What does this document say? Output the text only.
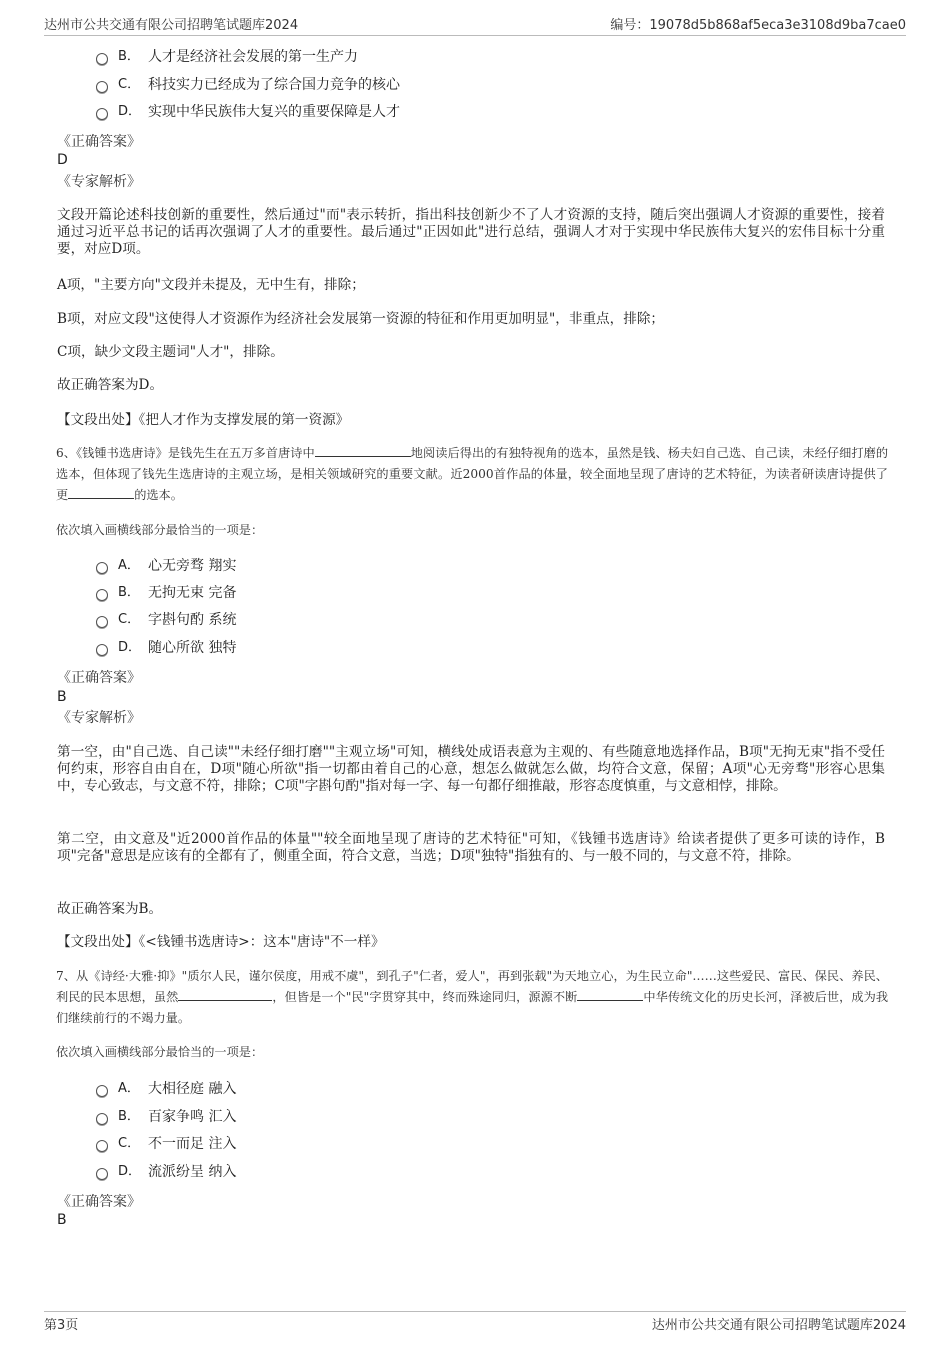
达州市公共交通有限公司招聘笔试题库2024	编号：19078d5b868af5eca3e3108d9ba7cae0
B． 人才是经济社会发展的第一生产力
C． 科技实力已经成为了综合国力竞争的核心
D． 实现中华民族伟大复兴的重要保障是人才
《正确答案》
D
《专家解析》
文段开篇论述科技创新的重要性，然后通过"而"表示转折，指出科技创新少不了人才资源的支持，随后突出强调人才资源的重要性，接着通过习近平总书记的话再次强调了人才的重要性。最后通过"正因如此"进行总结，强调人才对于实现中华民族伟大复兴的宏伟目标十分重要，对应D项。
A项，"主要方向"文段并未提及，无中生有，排除；
B项，对应文段"这使得人才资源作为经济社会发展第一资源的特征和作用更加明显"，非重点，排除；
C项，缺少文段主题词"人才"，排除。
故正确答案为D。
【文段出处】《把人才作为支撑发展的第一资源》
6、《钱锺书选唐诗》是钱先生在五万多首唐诗中	地阅读后得出的有独特视角的选本，虽然是钱、杨夫妇自己选、自己读，未经仔细打磨的选本，但体现了钱先生选唐诗的主观立场，是相关领域研究的重要文献。近2000首作品的体量，较全面地呈现了唐诗的艺术特征，为读者研读唐诗提供了更	的选本。
依次填入画横线部分最恰当的一项是：
A． 心无旁骛 翔实
B． 无拘无束 完备
C． 字斟句酌 系统
D． 随心所欲 独特
《正确答案》
B
《专家解析》
第一空，由"自己选、自己读""未经仔细打磨""主观立场"可知，横线处成语表意为主观的、有些随意地选择作品，B项"无拘无束"指不受任何约束，形容自由自在，D项"随心所欲"指一切都由着自己的心意，想怎么做就怎么做，均符合文意，保留；A项"心无旁骛"形容心思集中，专心致志，与文意不符，排除；C项"字斟句酌"指对每一字、每一句都仔细推敲，形容态度慎重，与文意相悖，排除。
第二空，由文意及"近2000首作品的体量""较全面地呈现了唐诗的艺术特征"可知，《钱锺书选唐诗》给读者提供了更多可读的诗作，B项"完备"意思是应该有的全都有了，侧重全面，符合文意，当选；D项"独特"指独有的、与一般不同的，与文意不符，排除。
故正确答案为B。
【文段出处】《<钱锺书选唐诗>：这本"唐诗"不一样》
7、从《诗经·大雅·抑》"质尔人民，谨尔侯度，用戒不虞"，到孔子"仁者，爱人"，再到张载"为天地立心，为生民立命"……这些爱民、富民、保民、养民、利民的民本思想，虽然	，但皆是一个"民"字贯穿其中，终而殊途同归，源源不断	中华传统文化的历史长河，泽被后世，成为我们继续前行的不竭力量。
依次填入画横线部分最恰当的一项是：
A． 大相径庭 融入
B． 百家争鸣 汇入
C． 不一而足 注入
D． 流派纷呈 纳入
《正确答案》
B
第3页	达州市公共交通有限公司招聘笔试题库2024
